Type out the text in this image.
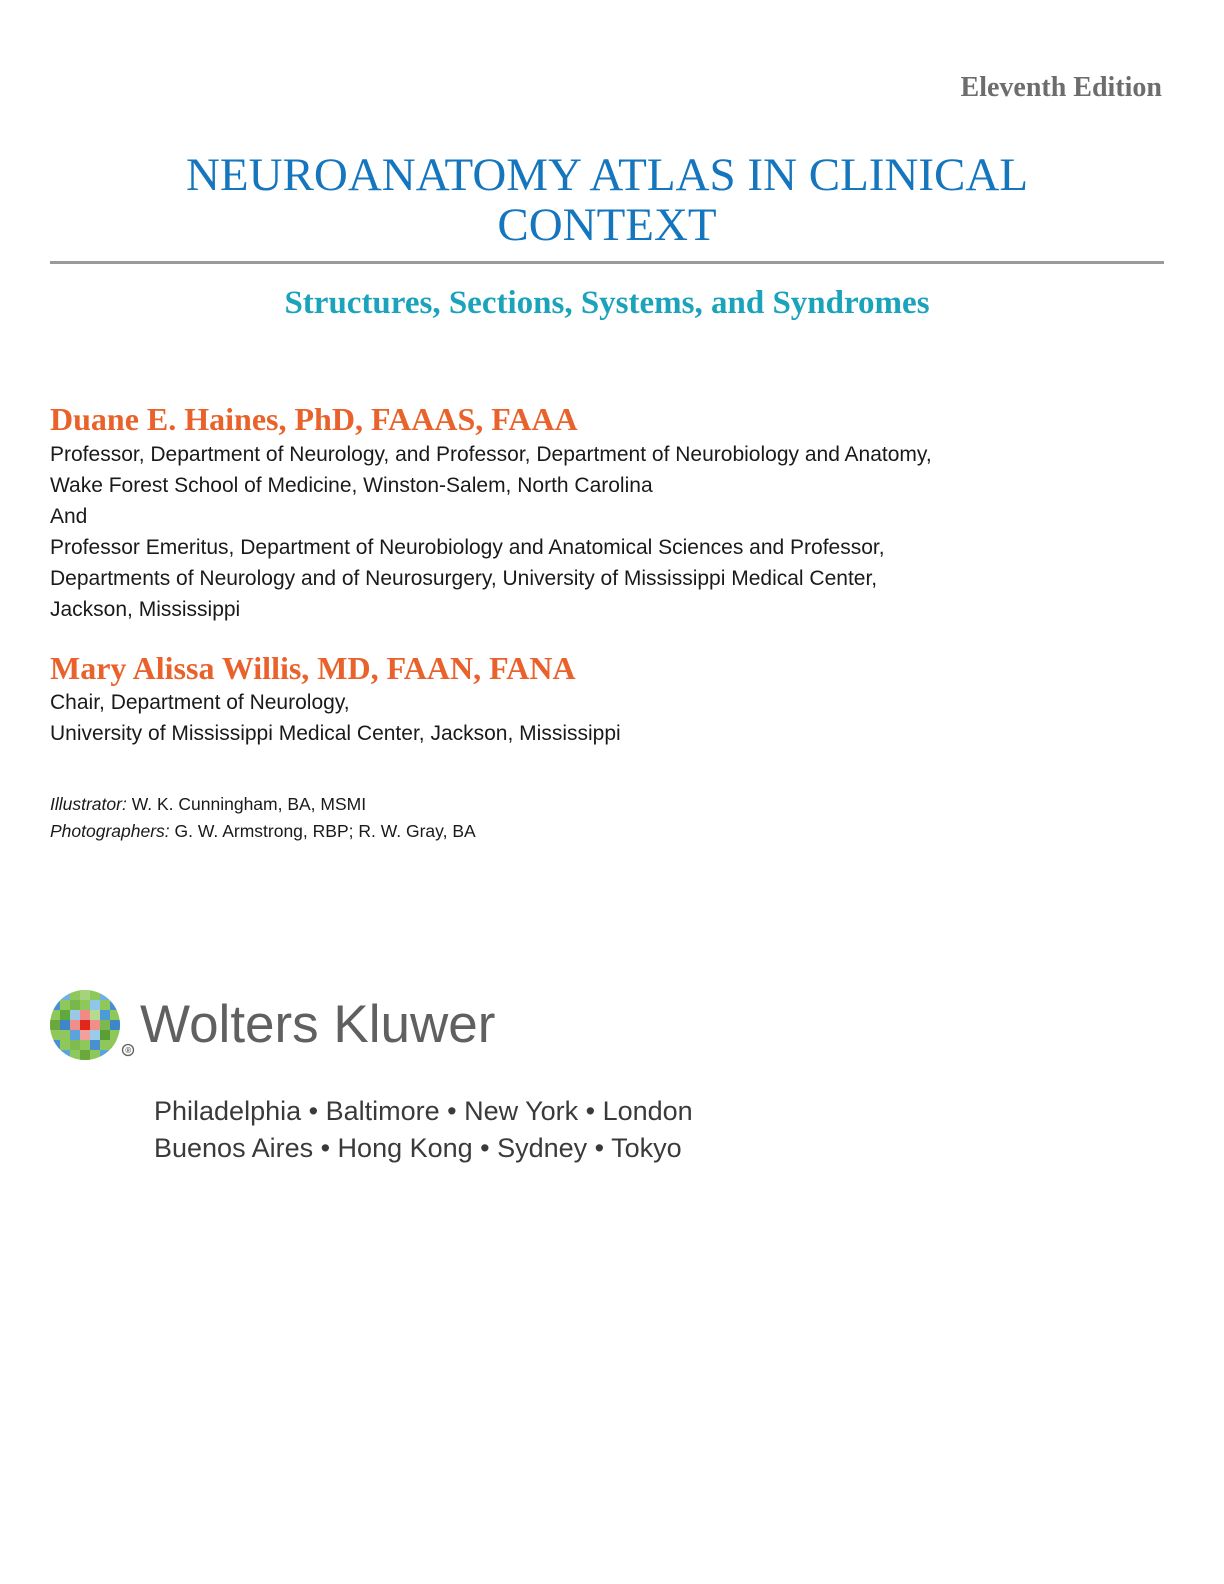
Eleventh Edition
NEUROANATOMY ATLAS IN CLINICAL
CONTEXT
Structures, Sections, Systems, and Syndromes
Duane E. Haines, PhD, FAAAS, FAAA
Professor, Department of Neurology, and Professor, Department of Neurobiology and Anatomy,
Wake Forest School of Medicine, Winston-Salem, North Carolina
And
Professor Emeritus, Department of Neurobiology and Anatomical Sciences and Professor,
Departments of Neurology and of Neurosurgery, University of Mississippi Medical Center,
Jackson, Mississippi
Mary Alissa Willis, MD, FAAN, FANA
Chair, Department of Neurology,
University of Mississippi Medical Center, Jackson, Mississippi
Illustrator: W. K. Cunningham, BA, MSMI
Photographers: G. W. Armstrong, RBP; R. W. Gray, BA
® Wolters Kluwer
Philadelphia • Baltimore • New York • London
Buenos Aires • Hong Kong • Sydney • Tokyo
